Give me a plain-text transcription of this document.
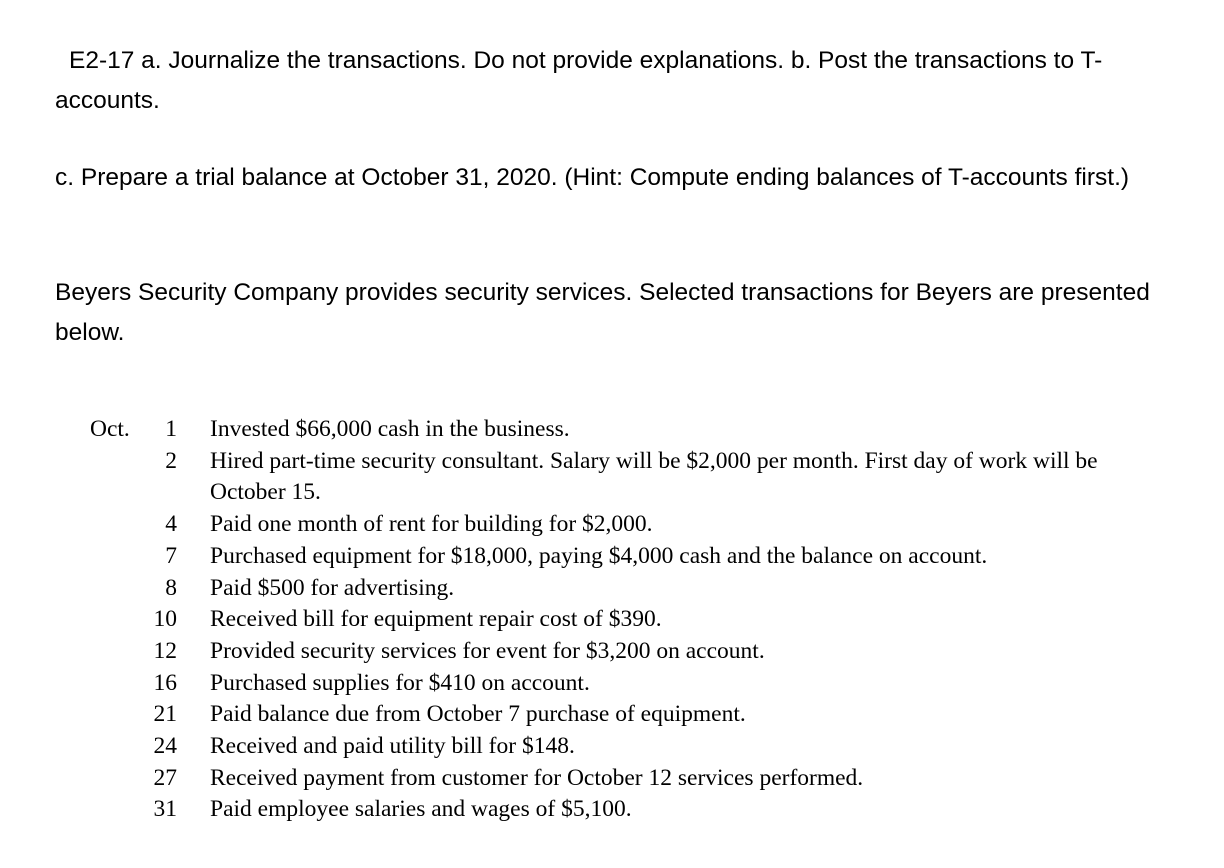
E2-17 a. Journalize the transactions. Do not provide explanations. b. Post the transactions to T-accounts.

c. Prepare a trial balance at October 31, 2020. (Hint: Compute ending balances of T-accounts first.)

Beyers Security Company provides security services. Selected transactions for Beyers are presented below.

Oct.	1 Invested $66,000 cash in the business.
2 Hired part-time security consultant. Salary will be $2,000 per month. First day of work will be October 15.
4 Paid one month of rent for building for $2,000.
7 Purchased equipment for $18,000, paying $4,000 cash and the balance on account.
8 Paid $500 for advertising.
10 Received bill for equipment repair cost of $390.
12 Provided security services for event for $3,200 on account.
16 Purchased supplies for $410 on account.
21 Paid balance due from October 7 purchase of equipment.
24 Received and paid utility bill for $148.
27 Received payment from customer for October 12 services performed.
31 Paid employee salaries and wages of $5,100.
